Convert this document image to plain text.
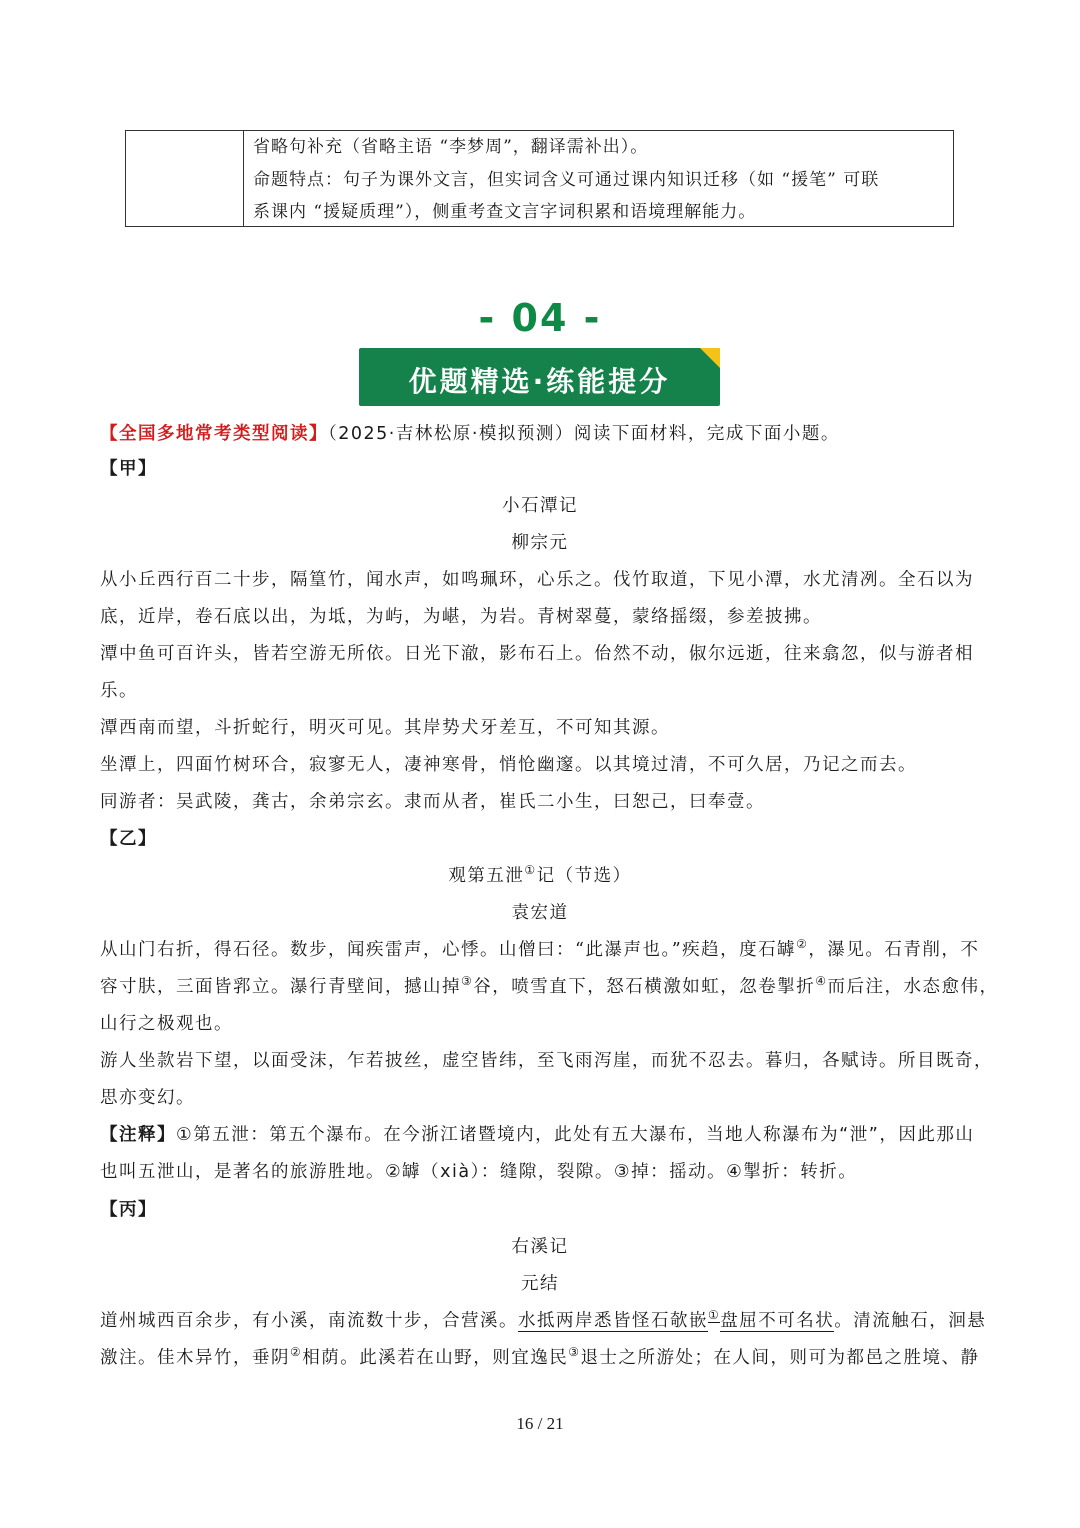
省略句补充（省略主语 “李梦周”，翻译需补出）。
命题特点：句子为课外文言，但实词含义可通过课内知识迁移（如 “援笔” 可联
系课内 “援疑质理”），侧重考查文言字词积累和语境理解能力。
- 04 -
优题精选·练能提分
【全国多地常考类型阅读】（2025·吉林松原·模拟预测）阅读下面材料，完成下面小题。
【甲】
小石潭记
柳宗元
从小丘西行百二十步，隔篁竹，闻水声，如鸣珮环，心乐之。伐竹取道，下见小潭，水尤清冽。全石以为
底，近岸，卷石底以出，为坻，为屿，为嵁，为岩。青树翠蔓，蒙络摇缀，参差披拂。
潭中鱼可百许头，皆若空游无所依。日光下澈，影布石上。佁然不动，俶尔远逝，往来翕忽，似与游者相
乐。
潭西南而望，斗折蛇行，明灭可见。其岸势犬牙差互，不可知其源。
坐潭上，四面竹树环合，寂寥无人，凄神寒骨，悄怆幽邃。以其境过清，不可久居，乃记之而去。
同游者：吴武陵，龚古，余弟宗玄。隶而从者，崔氏二小生，曰恕己，曰奉壹。
【乙】
观第五泄①记（节选）
袁宏道
从山门右折，得石径。数步，闻疾雷声，心悸。山僧曰：“此瀑声也。”疾趋，度石罅②，瀑见。石青削，不
容寸肤，三面皆郛立。瀑行青壁间，撼山掉③谷，喷雪直下，怒石横激如虹，忽卷掣折④而后注，水态愈伟，
山行之极观也。
游人坐款岩下望，以面受沫，乍若披丝，虚空皆纬，至飞雨泻崖，而犹不忍去。暮归，各赋诗。所目既奇，
思亦变幻。
【注释】①第五泄：第五个瀑布。在今浙江诸暨境内，此处有五大瀑布，当地人称瀑布为“泄”，因此那山
也叫五泄山，是著名的旅游胜地。②罅（xià）：缝隙，裂隙。③掉：摇动。④掣折：转折。
【丙】
右溪记
元结
道州城西百余步，有小溪，南流数十步，合营溪。水抵两岸悉皆怪石欹嵌①盘屈不可名状。清流触石，洄悬
激注。佳木异竹，垂阴②相荫。此溪若在山野，则宜逸民③退士之所游处；在人间，则可为都邑之胜境、静
16 / 21
